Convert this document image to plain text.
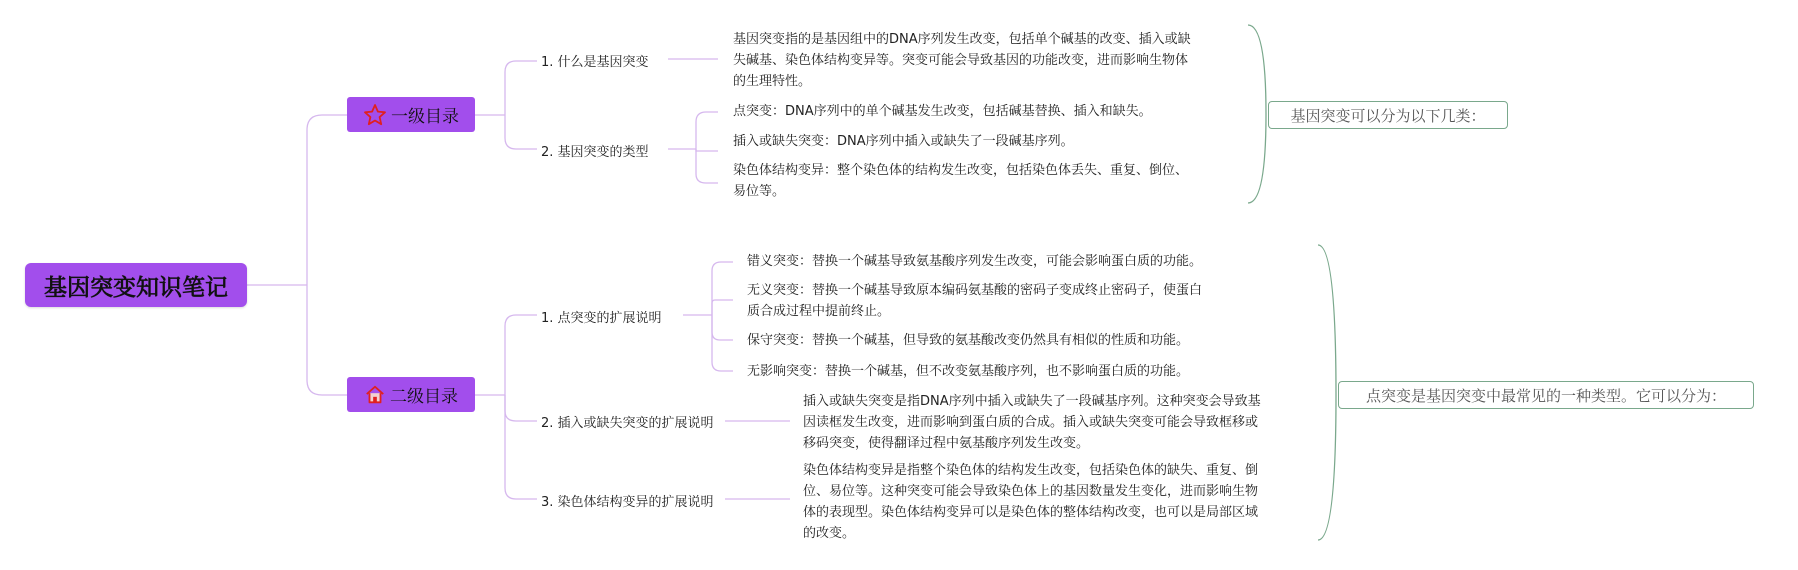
基因突变知识笔记
一级目录
二级目录
1. 什么是基因突变
2. 基因突变的类型
1. 点突变的扩展说明
2. 插入或缺失突变的扩展说明
3. 染色体结构变异的扩展说明
基因突变指的是基因组中的DNA序列发生改变，包括单个碱基的改变、插入或缺
失碱基、染色体结构变异等。突变可能会导致基因的功能改变，进而影响生物体
的生理特性。
点突变：DNA序列中的单个碱基发生改变，包括碱基替换、插入和缺失。
插入或缺失突变：DNA序列中插入或缺失了一段碱基序列。
染色体结构变异：整个染色体的结构发生改变，包括染色体丢失、重复、倒位、
易位等。
错义突变：替换一个碱基导致氨基酸序列发生改变，可能会影响蛋白质的功能。
无义突变：替换一个碱基导致原本编码氨基酸的密码子变成终止密码子，使蛋白
质合成过程中提前终止。
保守突变：替换一个碱基，但导致的氨基酸改变仍然具有相似的性质和功能。
无影响突变：替换一个碱基，但不改变氨基酸序列，也不影响蛋白质的功能。
插入或缺失突变是指DNA序列中插入或缺失了一段碱基序列。这种突变会导致基
因读框发生改变，进而影响到蛋白质的合成。插入或缺失突变可能会导致框移或
移码突变，使得翻译过程中氨基酸序列发生改变。
染色体结构变异是指整个染色体的结构发生改变，包括染色体的缺失、重复、倒
位、易位等。这种突变可能会导致染色体上的基因数量发生变化，进而影响生物
体的表现型。染色体结构变异可以是染色体的整体结构改变，也可以是局部区域
的改变。
基因突变可以分为以下几类：
点突变是基因突变中最常见的一种类型。它可以分为：
